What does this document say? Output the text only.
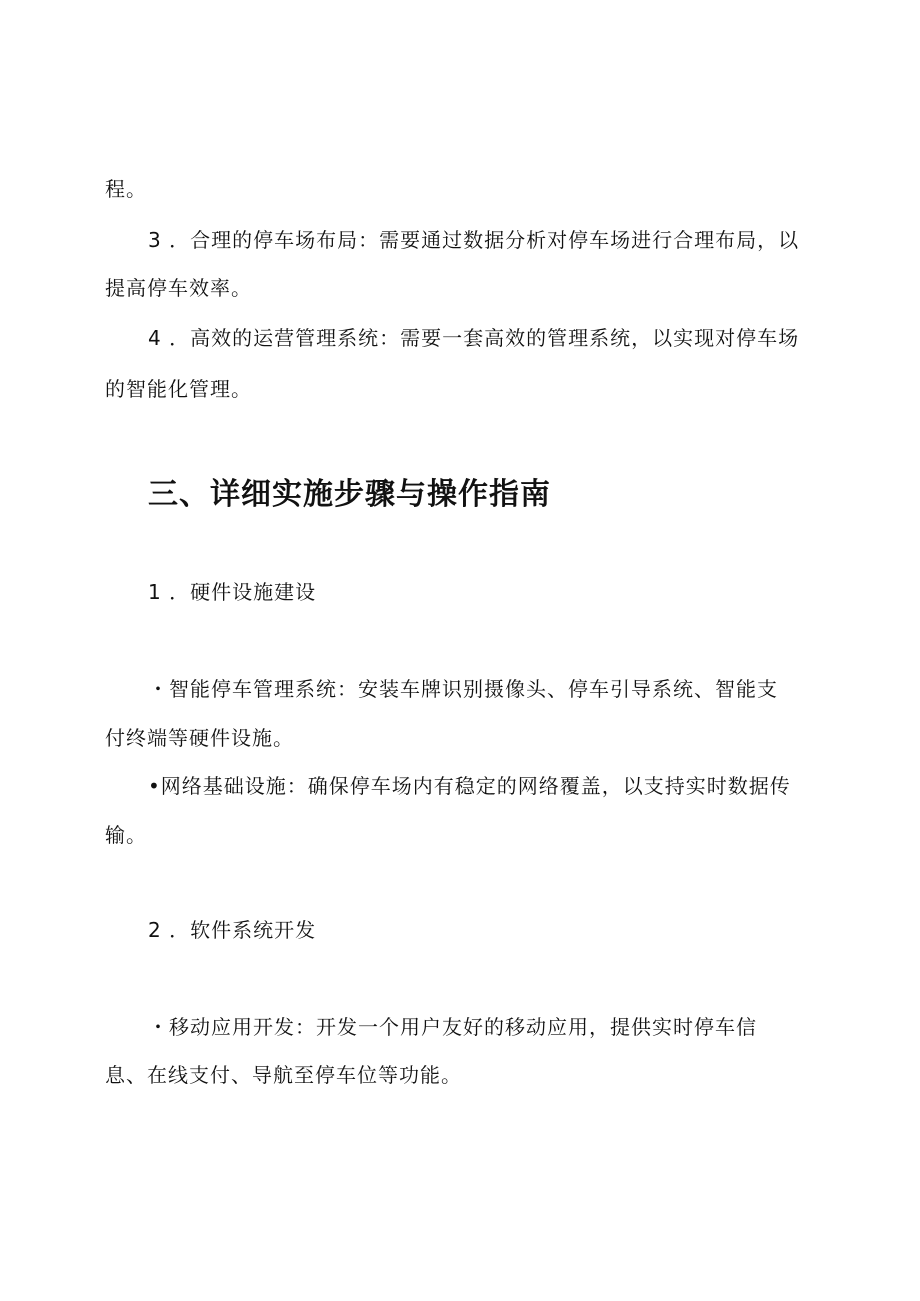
程。
3 ．合理的停车场布局：需要通过数据分析对停车场进行合理布局，以
提高停车效率。
4 ．高效的运营管理系统：需要一套高效的管理系统，以实现对停车场
的智能化管理。
三、详细实施步骤与操作指南
1 ．硬件设施建设
・智能停车管理系统：安装车牌识别摄像头、停车引导系统、智能支
付终端等硬件设施。
•网络基础设施：确保停车场内有稳定的网络覆盖，以支持实时数据传
输。
2 ．软件系统开发
・移动应用开发：开发一个用户友好的移动应用，提供实时停车信
息、在线支付、导航至停车位等功能。
